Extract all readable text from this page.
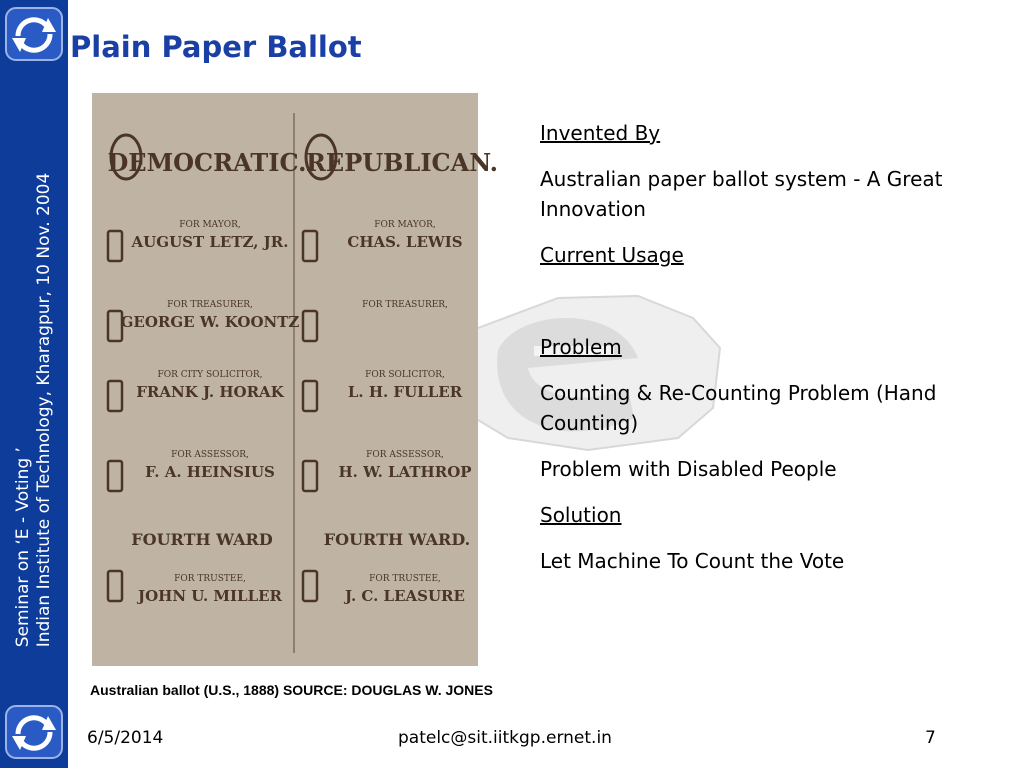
Seminar on ‘E - Voting ’ Indian Institute of Technology, Kharagpur, 10 Nov. 2004
Plain Paper Ballot
DEMOCRATIC.
FOR MAYOR,
AUGUST LETZ, JR.
FOR TREASURER,
GEORGE W. KOONTZ
FOR CITY SOLICITOR,
FRANK J. HORAK
FOR ASSESSOR,
F. A. HEINSIUS
FOURTH WARD
FOR TRUSTEE,
JOHN U. MILLER
REPUBLICAN.
FOR MAYOR,
CHAS. LEWIS
FOR TREASURER,
FOR SOLICITOR,
L. H. FULLER
FOR ASSESSOR,
H. W. LATHROP
FOURTH WARD.
FOR TRUSTEE,
J. C. LEASURE

Australian ballot (U.S., 1888) SOURCE: DOUGLAS W. JONES

Invented By
Australian paper ballot system - A Great Innovation
Current Usage
Problem
Counting & Re-Counting Problem (Hand Counting)
Problem with Disabled People
Solution
Let Machine To Count the Vote
6/5/2014	patelc@sit.iitkgp.ernet.in	7
